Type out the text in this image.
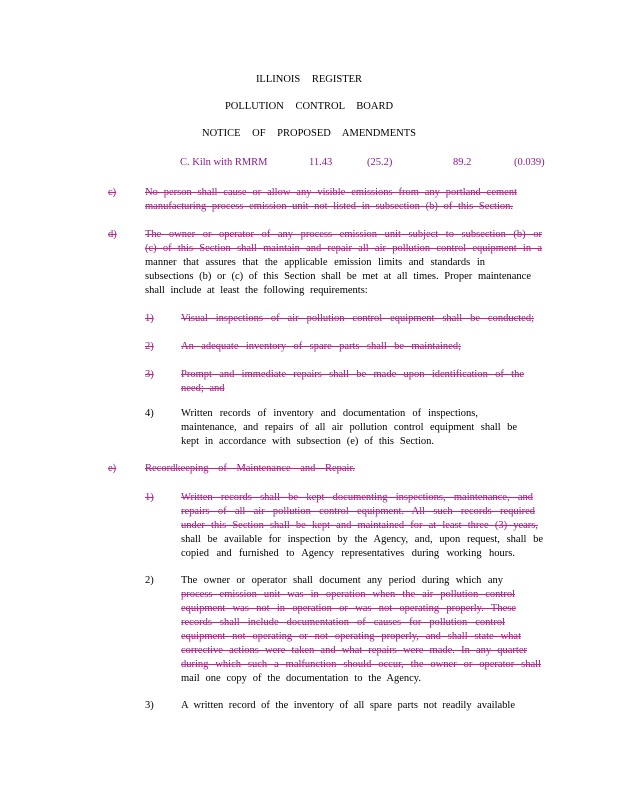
ILLINOIS REGISTER
POLLUTION CONTROL BOARD
NOTICE OF PROPOSED AMENDMENTS
C. Kiln with RMRM	11.43	(25.2)	89.2	(0.039)
c)	No person shall cause or allow any visible emissions from any portland cement
manufacturing process emission unit not listed in subsection (b) of this Section.
d)	The owner or operator of any process emission unit subject to subsection (b) or
(c) of this Section shall maintain and repair all air pollution control equipment in a
manner that assures that the applicable emission limits and standards in
subsections (b) or (c) of this Section shall be met at all times. Proper maintenance
shall include at least the following requirements:
1)	Visual inspections of air pollution control equipment shall be conducted;
2)	An adequate inventory of spare parts shall be maintained;
3)	Prompt and immediate repairs shall be made upon identification of the
need; and
4)	Written records of inventory and documentation of inspections,
maintenance, and repairs of all air pollution control equipment shall be
kept in accordance with subsection (e) of this Section.
e)	Recordkeeping of Maintenance and Repair.
1)	Written records shall be kept documenting inspections, maintenance, and
repairs of all air pollution control equipment. All such records required
under this Section shall be kept and maintained for at least three (3) years,
shall be available for inspection by the Agency, and, upon request, shall be
copied and furnished to Agency representatives during working hours.
2)	The owner or operator shall document any period during which any
process emission unit was in operation when the air pollution control
equipment was not in operation or was not operating properly. These
records shall include documentation of causes for pollution control
equipment not operating or not operating properly, and shall state what
corrective actions were taken and what repairs were made. In any quarter
during which such a malfunction should occur, the owner or operator shall
mail one copy of the documentation to the Agency.
3)	A written record of the inventory of all spare parts not readily available
